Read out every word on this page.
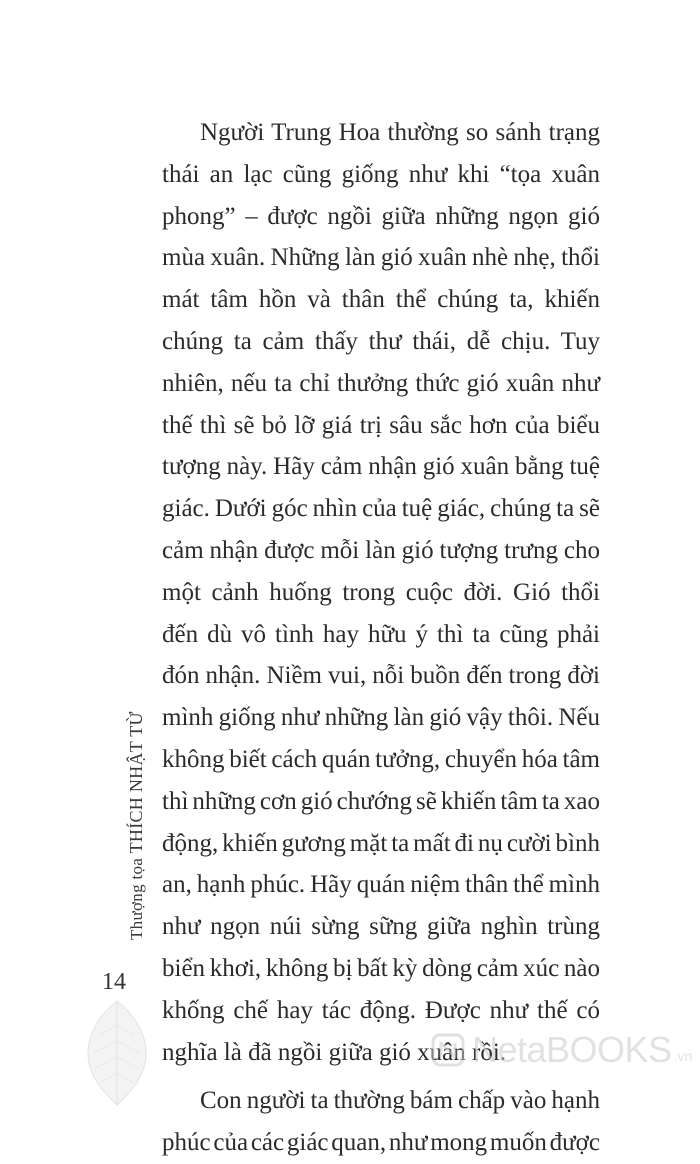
Người Trung Hoa thường so sánh trạng
thái an lạc cũng giống như khi “tọa xuân
phong” – được ngồi giữa những ngọn gió
mùa xuân. Những làn gió xuân nhè nhẹ, thổi
mát tâm hồn và thân thể chúng ta, khiến
chúng ta cảm thấy thư thái, dễ chịu. Tuy
nhiên, nếu ta chỉ thưởng thức gió xuân như
thế thì sẽ bỏ lỡ giá trị sâu sắc hơn của biểu
tượng này. Hãy cảm nhận gió xuân bằng tuệ
giác. Dưới góc nhìn của tuệ giác, chúng ta sẽ
cảm nhận được mỗi làn gió tượng trưng cho
một cảnh huống trong cuộc đời. Gió thổi
đến dù vô tình hay hữu ý thì ta cũng phải
đón nhận. Niềm vui, nỗi buồn đến trong đời
mình giống như những làn gió vậy thôi. Nếu
không biết cách quán tưởng, chuyển hóa tâm
thì những cơn gió chướng sẽ khiến tâm ta xao
động, khiến gương mặt ta mất đi nụ cười bình
an, hạnh phúc. Hãy quán niệm thân thể mình
như ngọn núi sừng sững giữa nghìn trùng
biển khơi, không bị bất kỳ dòng cảm xúc nào
khống chế hay tác động. Được như thế có
nghĩa là đã ngồi giữa gió xuân rồi.
Con người ta thường bám chấp vào hạnh
phúc của các giác quan, như mong muốn được
Thượng tọa THÍCH NHẬT TỪ
14
NetaBOOKS .vn
